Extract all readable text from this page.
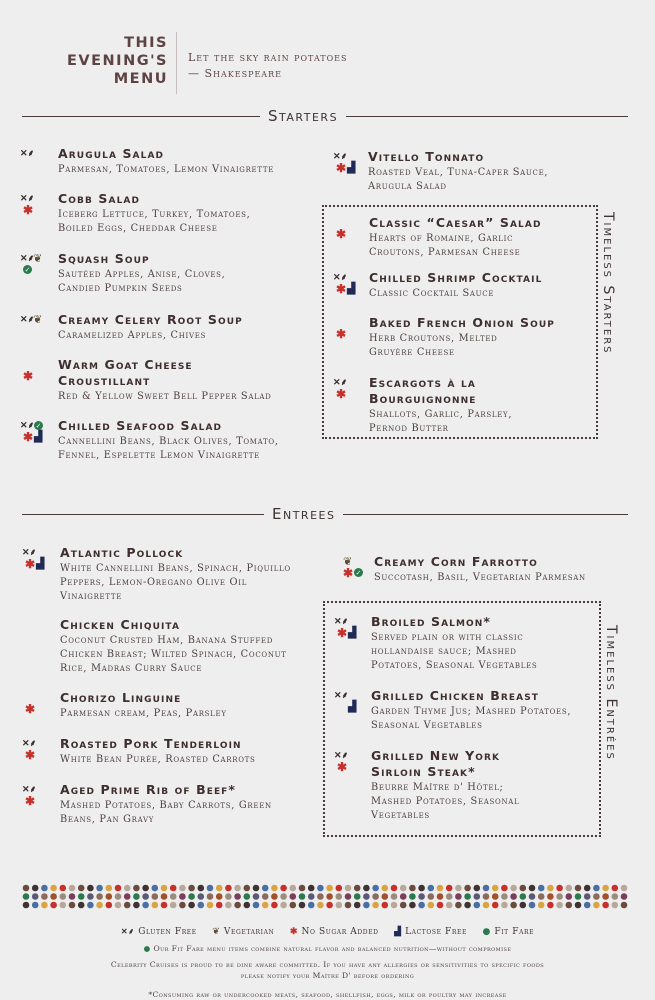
THIS
EVENING'S
MENU
Let the sky rain potatoes
— Shakespeare
Starters
Arugula Salad
Parmesan, Tomatoes, Lemon Vinaigrette
✕⸙
Cobb Salad
Iceberg Lettuce, Turkey, Tomatoes,
Boiled Eggs, Cheddar Cheese
✕⸙
✱
Squash Soup
Sautéed Apples, Anise, Cloves,
Candied Pumpkin Seeds
✕⸙
❦
✓
Creamy Celery Root Soup
Caramelized Apples, Chives
✕⸙
❦
Warm Goat Cheese
Croustillant
Red & Yellow Sweet Bell Pepper Salad
✱
Chilled Seafood Salad
Cannellini Beans, Black Olives, Tomato,
Fennel, Espelette Lemon Vinaigrette
✕⸙
✓
✱ ▟
Vitello Tonnato
Roasted Veal, Tuna-Caper Sauce,
Arugula Salad
✕⸙
✱ ▟
Timeless Starters
Classic “Caesar” Salad
Hearts of Romaine, Garlic
Croutons, Parmesan Cheese
✱
Chilled Shrimp Cocktail
Classic Cocktail Sauce
✕⸙
✱ ▟
Baked French Onion Soup
Herb Croutons, Melted
Gruyère Cheese
✱
Escargots à la
Bourguignonne
Shallots, Garlic, Parsley,
Pernod Butter
✕⸙
✱
Entrees
Atlantic Pollock
White Cannellini Beans, Spinach, Piquillo
Peppers, Lemon-Oregano Olive Oil
Vinaigrette
✕⸙
✱ ▟
Chicken Chiquita
Coconut Crusted Ham, Banana Stuffed
Chicken Breast; Wilted Spinach, Coconut
Rice, Madras Curry Sauce
Chorizo Linguine
Parmesan cream, Peas, Parsley
✱
Roasted Pork Tenderloin
White Bean Purée, Roasted Carrots
✕⸙
✱
Aged Prime Rib of Beef*
Mashed Potatoes, Baby Carrots, Green
Beans, Pan Gravy
✕⸙
✱
Creamy Corn Farrotto
Succotash, Basil, Vegetarian Parmesan
❦
✱
✓
Timeless Entrées
Broiled Salmon*
Served plain or with classic
hollandaise sauce; Mashed
Potatoes, Seasonal Vegetables
✕⸙
✱ ▟
Grilled Chicken Breast
Garden Thyme Jus; Mashed Potatoes,
Seasonal Vegetables
✕⸙
▟
Grilled New York
Sirloin Steak*
Beurre Maître d' Hôtel;
Mashed Potatoes, Seasonal
Vegetables
✕⸙
✱
✕⸙ Gluten Free ❦ Vegetarian ✱ No Sugar Added ▟ Lactose Free ● Fit Fare
● Our Fit Fare menu items combine natural flavor and balanced nutrition—without compromise
Celebrity Cruises is proud to be dine aware committed. If you have any allergies or sensitivities to specific foods
please notify your Maître D' before ordering
*Consuming raw or undercooked meats, seafood, shellfish, eggs, milk or poultry may increase
